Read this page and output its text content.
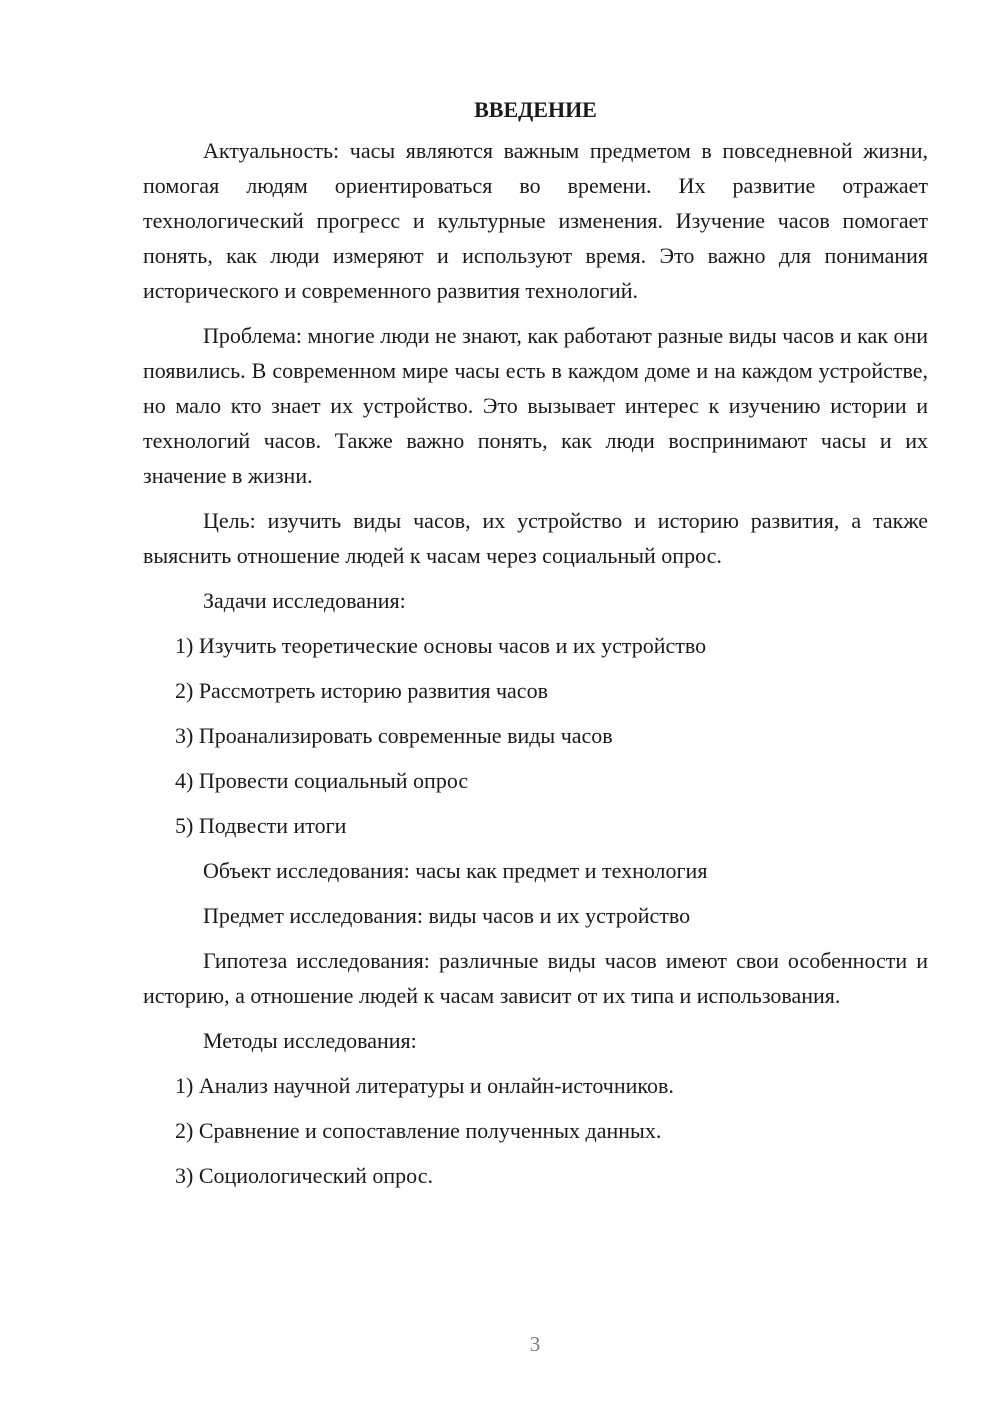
ВВЕДЕНИЕ

Актуальность: часы являются важным предметом в повседневной жизни, помогая людям ориентироваться во времени. Их развитие отражает технологический прогресс и культурные изменения. Изучение часов помогает понять, как люди измеряют и используют время. Это важно для понимания исторического и современного развития технологий.

Проблема: многие люди не знают, как работают разные виды часов и как они появились. В современном мире часы есть в каждом доме и на каждом устройстве, но мало кто знает их устройство. Это вызывает интерес к изучению истории и технологий часов. Также важно понять, как люди воспринимают часы и их значение в жизни.

Цель: изучить виды часов, их устройство и историю развития, а также выяснить отношение людей к часам через социальный опрос.

Задачи исследования:
1) Изучить теоретические основы часов и их устройство
2) Рассмотреть историю развития часов
3) Проанализировать современные виды часов
4) Провести социальный опрос
5) Подвести итоги
Объект исследования: часы как предмет и технология
Предмет исследования: виды часов и их устройство

Гипотеза исследования: различные виды часов имеют свои особенности и историю, а отношение людей к часам зависит от их типа и использования.

Методы исследования:
1) Анализ научной литературы и онлайн-источников.
2) Сравнение и сопоставление полученных данных.
3) Социологический опрос.
3
